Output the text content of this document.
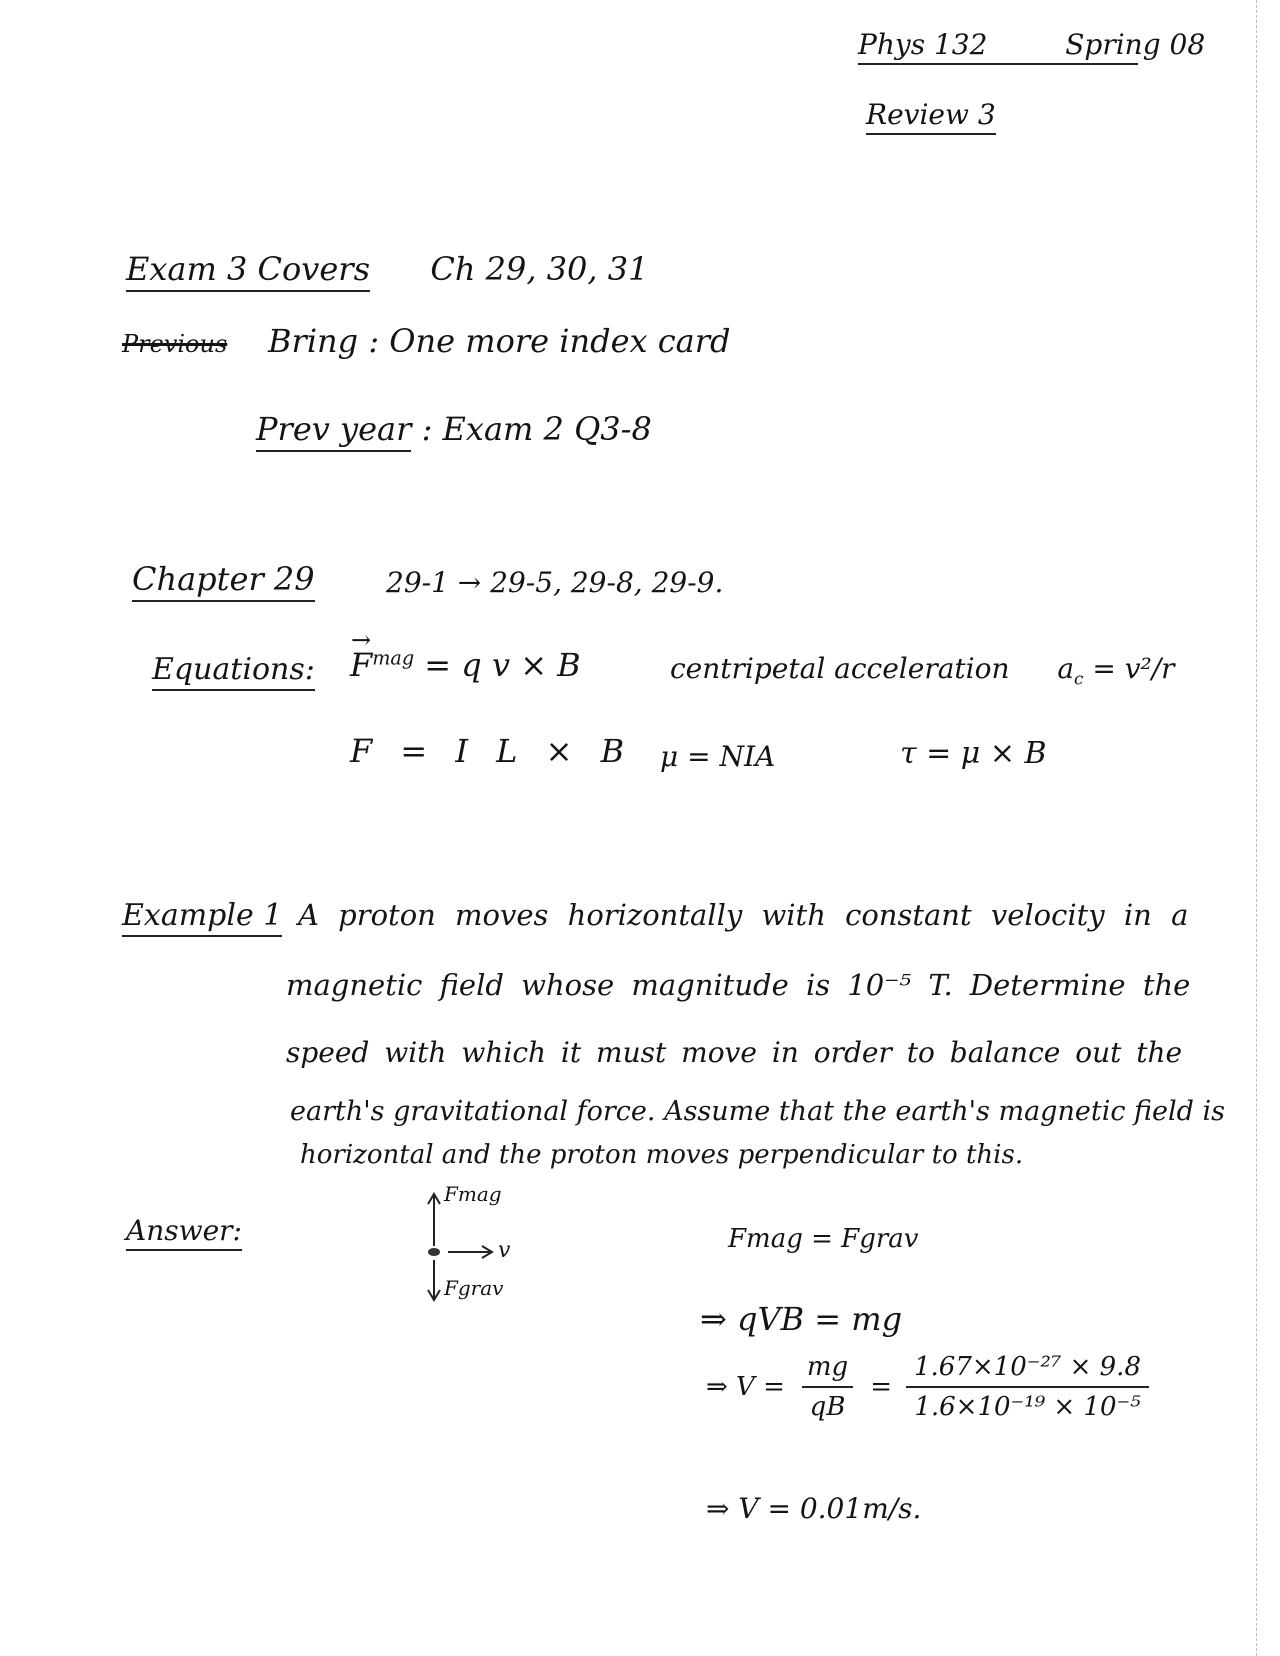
Phys 132	Spring 08
Review 3
Exam 3 Covers Ch 29, 30, 31
Previous Bring : One more index card
Prev year : Exam 2 Q3-8
Chapter 29	29-1 → 29-5, 29-8, 29-9.
Equations:
→ $F^{mag} = q$ v × B	centripetal acceleration $a_c = v^2/r$
F = I L × B μ = NIA	τ = μ × B
Example 1 A proton moves horizontally with constant velocity in a
magnetic field whose magnitude is 10⁻⁵ T. Determine the
speed with which it must move in order to balance out the
earth's gravitational force. Assume that the earth's magnetic field is
horizontal and the proton moves perpendicular to this.
Answer:
Fmag
v
Fgrav
Fmag = Fgrav
⇒ qVB = mg
⇒ $V = \frac{mg}{qB} = \frac{\text{1.67×10⁻²⁷ × 9.8}}{\text{1.6×10⁻¹⁹ × 10⁻⁵}}$
⇒ V = 0.01m/s.
